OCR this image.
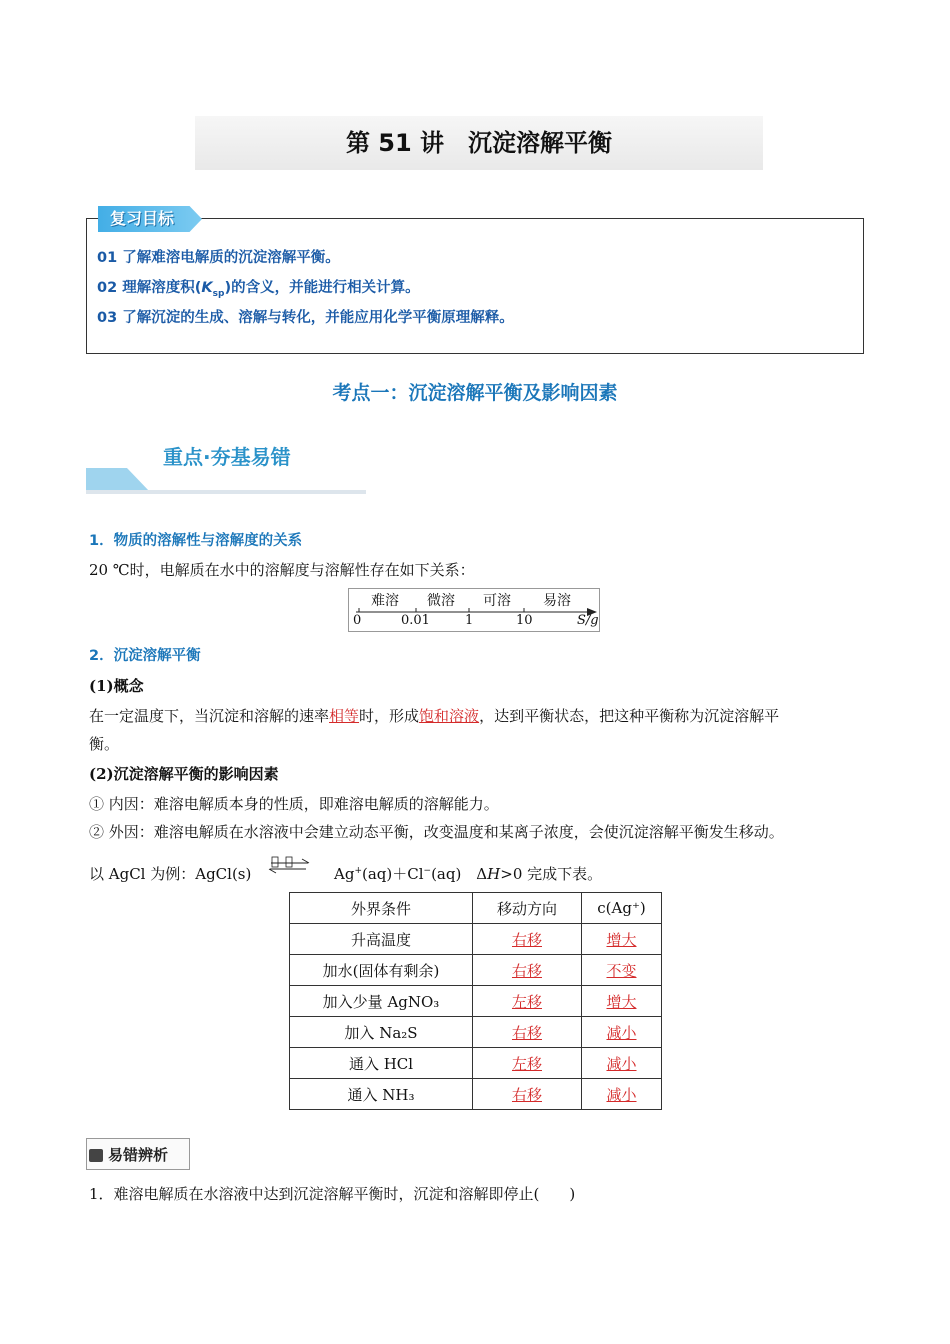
第 51 讲　沉淀溶解平衡
复习目标
01 了解难溶电解质的沉淀溶解平衡。
02 理解溶度积$(K_{sp})$的含义，并能进行相关计算。
03 了解沉淀的生成、溶解与转化，并能应用化学平衡原理解释。
考点一：沉淀溶解平衡及影响因素
重点·夯基易错
1．物质的溶解性与溶解度的关系
20 ℃时，电解质在水中的溶解度与溶解性存在如下关系：
难溶 微溶 可溶 易溶
0	0.01	1	10	S/g
2．沉淀溶解平衡
(1)概念
在一定温度下，当沉淀和溶解的速率相等时，形成饱和溶液，达到平衡状态，把这种平衡称为沉淀溶解平
衡。
(2)沉淀溶解平衡的影响因素
① 内因：难溶电解质本身的性质，即难溶电解质的溶解能力。
② 外因：难溶电解质在水溶液中会建立动态平衡，改变温度和某离子浓度，会使沉淀溶解平衡发生移动。
以 AgCl 为例：AgCl(s) ⇌ Ag+(aq)＋Cl−(aq)　ΔH>0 完成下表。
外界条件	移动方向	c(Ag⁺)
升高温度	右移	增大
加水(固体有剩余)	右移	不变
加入少量 AgNO₃	左移	增大
加入 Na₂S	右移	减小
通入 HCl	左移	减小
通入 NH₃	右移	减小
易错辨析
1．难溶电解质在水溶液中达到沉淀溶解平衡时，沉淀和溶解即停止(　　)
